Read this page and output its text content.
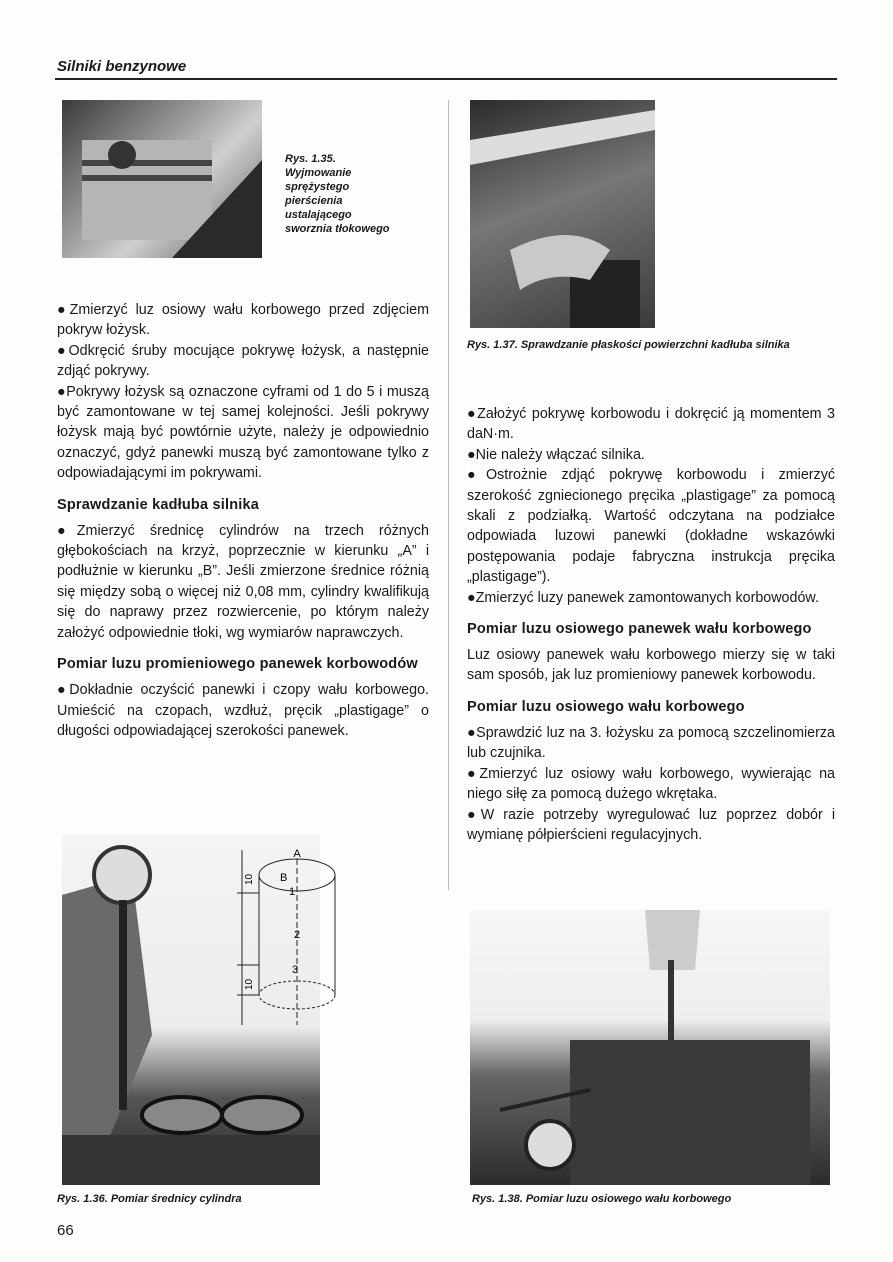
Silniki benzynowe
Rys. 1.35.
Wyjmowanie
sprężystego
pierścienia
ustalającego
sworznia tłokowego

●Zmierzyć luz osiowy wału korbowego przed zdjęciem pokryw łożysk.

●Odkręcić śruby mocujące pokrywę łożysk, a następnie zdjąć pokrywy.

●Pokrywy łożysk są oznaczone cyframi od 1 do 5 i muszą być zamontowane w tej samej kolejności. Jeśli pokrywy łożysk mają być powtórnie użyte, należy je odpowiednio oznaczyć, gdyż panewki muszą być zamontowane tylko z odpowiadającymi im pokrywami.

Sprawdzanie kadłuba silnika

●Zmierzyć średnicę cylindrów na trzech różnych głębokościach na krzyż, poprzecznie w kierunku „A” i podłużnie w kierunku „B”. Jeśli zmierzone średnice różnią się między sobą o więcej niż 0,08 mm, cylindry kwalifikują się do naprawy przez rozwiercenie, po którym należy założyć odpowiednie tłoki, wg wymiarów naprawczych.

Pomiar luzu promieniowego panewek korbowodów

●Dokładnie oczyścić panewki i czopy wału korbowego. Umieścić na czopach, wzdłuż, pręcik „plastigage” o długości odpowiadającej szerokości panewek.

A
B
1
2
3
10
10
Rys. 1.36. Pomiar średnicy cylindra
Rys. 1.37. Sprawdzanie płaskości powierzchni kadłuba silnika

●Założyć pokrywę korbowodu i dokręcić ją momentem 3 daN·m.

●Nie należy włączać silnika.

●Ostrożnie zdjąć pokrywę korbowodu i zmierzyć szerokość zgniecionego pręcika „plastigage” za pomocą skali z podziałką. Wartość odczytana na podziałce odpowiada luzowi panewki (dokładne wskazówki postępowania podaje fabryczna instrukcja pręcika „plastigage”).

●Zmierzyć luzy panewek zamontowanych korbowodów.

Pomiar luzu osiowego panewek wału korbowego

Luz osiowy panewek wału korbowego mierzy się w taki sam sposób, jak luz promieniowy panewek korbowodu.

Pomiar luzu osiowego wału korbowego

●Sprawdzić luz na 3. łożysku za pomocą szczelinomierza lub czujnika.

●Zmierzyć luz osiowy wału korbowego, wywierając na niego siłę za pomocą dużego wkrętaka.

●W razie potrzeby wyregulować luz poprzez dobór i wymianę półpierścieni regulacyjnych.

Rys. 1.38. Pomiar luzu osiowego wału korbowego
66
